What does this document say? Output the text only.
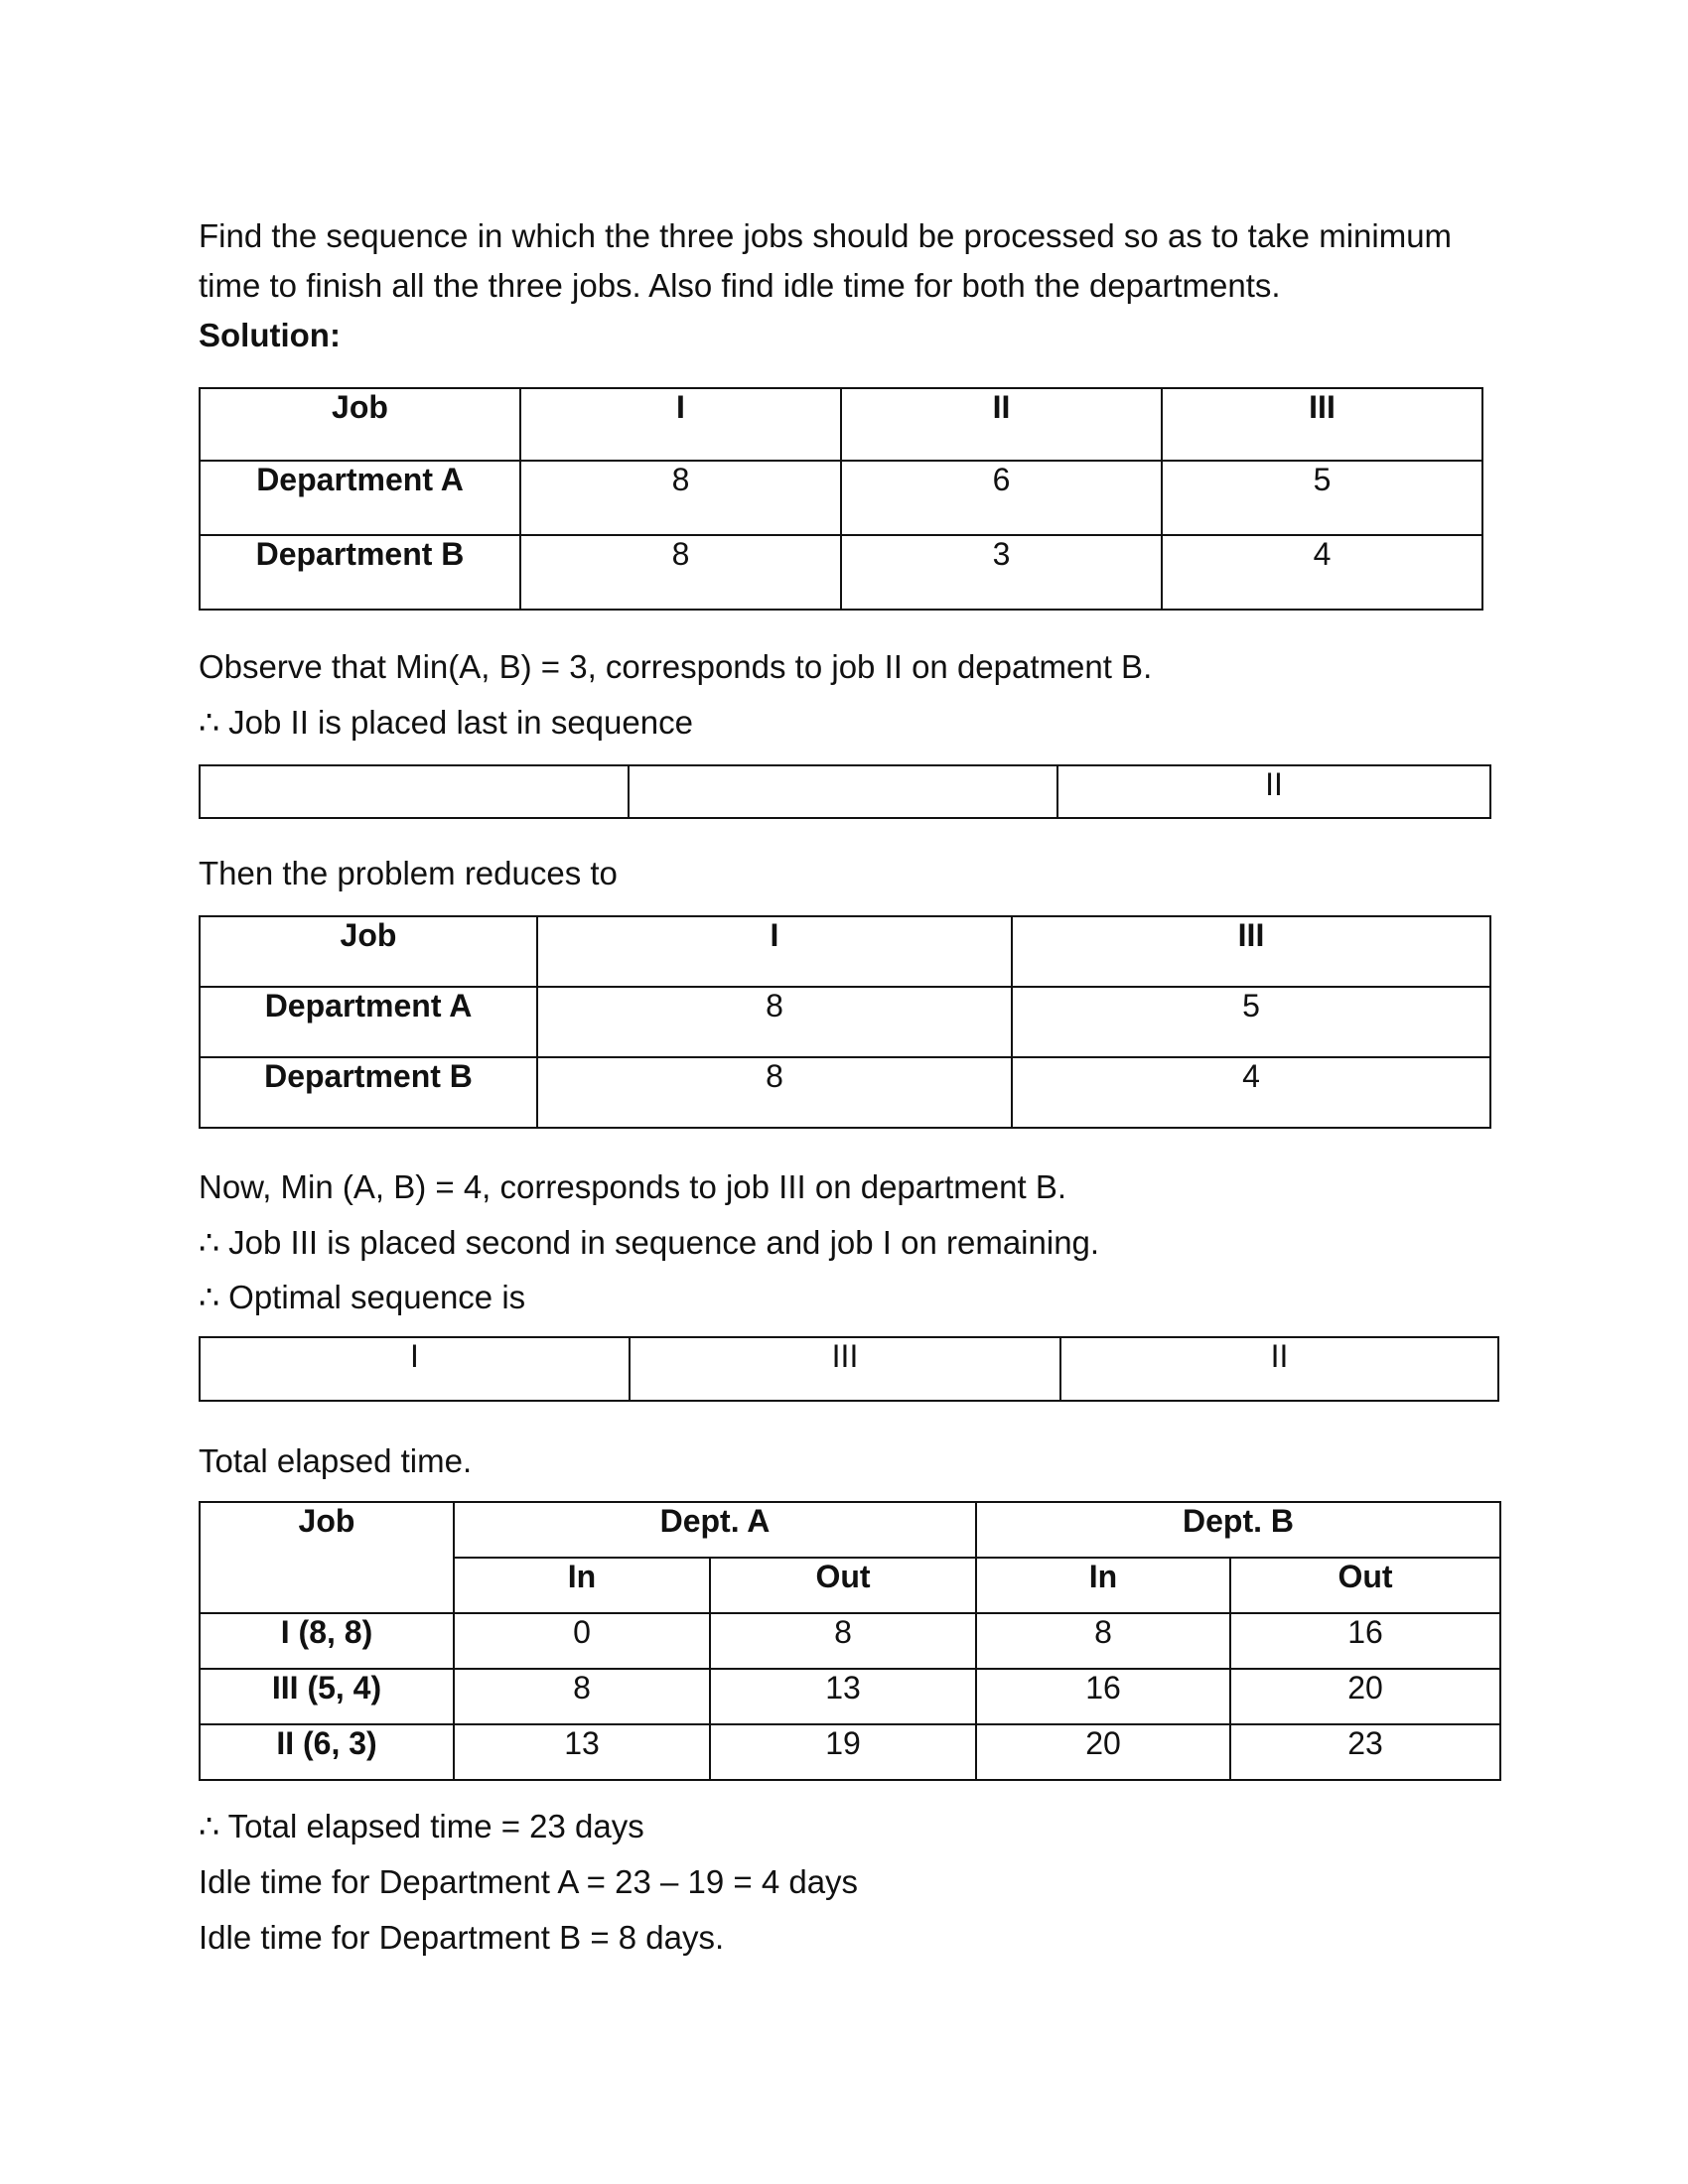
Find the sequence in which the three jobs should be processed so as to take minimum
time to finish all the three jobs. Also find idle time for both the departments.
Solution:
Job	I	II	III
Department A	8	6	5
Department B	8	3	4
Observe that Min(A, B) = 3, corresponds to job II on depatment B.
∴ Job II is placed last in sequence
		II
Then the problem reduces to
Job	I	III
Department A	8	5
Department B	8	4
Now, Min (A, B) = 4, corresponds to job III on department B.
∴ Job III is placed second in sequence and job I on remaining.
∴ Optimal sequence is
I	III	II
Total elapsed time.
Job	Dept. A		Dept. B	
	In	Out	In	Out
I (8, 8)	0	8	8	16
III (5, 4)	8	13	16	20
II (6, 3)	13	19	20	23
∴ Total elapsed time = 23 days
Idle time for Department A = 23 – 19 = 4 days
Idle time for Department B = 8 days.
